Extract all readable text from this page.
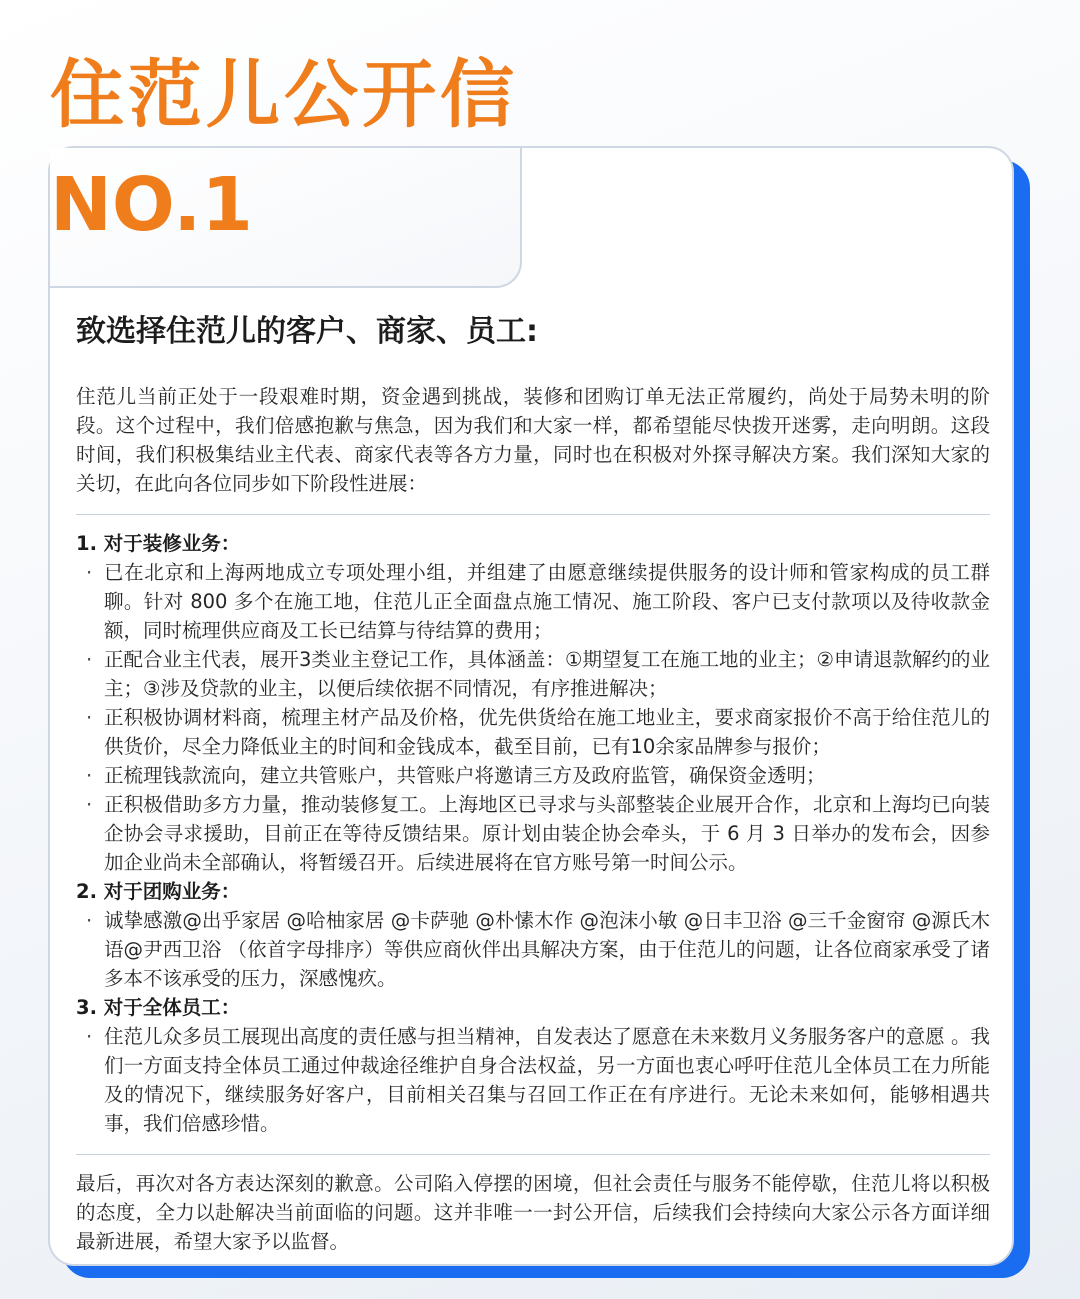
住范儿公开信
NO.1
致选择住范儿的客户、商家、员工:

住范儿当前正处于一段艰难时期，资金遇到挑战，装修和团购订单无法正常履约，尚处于局势未明的阶段。这个过程中，我们倍感抱歉与焦急，因为我们和大家一样，都希望能尽快拨开迷雾，走向明朗。这段时间，我们积极集结业主代表、商家代表等各方力量，同时也在积极对外探寻解决方案。我们深知大家的关切，在此向各位同步如下阶段性进展：

1. 对于装修业务：
· 已在北京和上海两地成立专项处理小组，并组建了由愿意继续提供服务的设计师和管家构成的员工群聊。针对 800 多个在施工地，住范儿正全面盘点施工情况、施工阶段、客户已支付款项以及待收款金额，同时梳理供应商及工长已结算与待结算的费用；
· 正配合业主代表，展开3类业主登记工作，具体涵盖：①期望复工在施工地的业主；②申请退款解约的业主；③涉及贷款的业主，以便后续依据不同情况，有序推进解决；
· 正积极协调材料商，梳理主材产品及价格，优先供货给在施工地业主，要求商家报价不高于给住范儿的供货价，尽全力降低业主的时间和金钱成本，截至目前，已有10余家品牌参与报价；
· 正梳理钱款流向，建立共管账户，共管账户将邀请三方及政府监管，确保资金透明；
· 正积极借助多方力量，推动装修复工。上海地区已寻求与头部整装企业展开合作，北京和上海均已向装企协会寻求援助，目前正在等待反馈结果。原计划由装企协会牵头，于 6 月 3 日举办的发布会，因参加企业尚未全部确认，将暂缓召开。后续进展将在官方账号第一时间公示。
2. 对于团购业务：
· 诚挚感激@出乎家居 @哈柚家居 @卡萨驰 @朴愫木作 @泡沫小敏 @日丰卫浴 @三千金窗帘 @源氏木语@尹西卫浴 （依首字母排序）等供应商伙伴出具解决方案，由于住范儿的问题，让各位商家承受了诸多本不该承受的压力，深感愧疚。
3. 对于全体员工：
· 住范儿众多员工展现出高度的责任感与担当精神，自发表达了愿意在未来数月义务服务客户的意愿 。我们一方面支持全体员工通过仲裁途径维护自身合法权益，另一方面也衷心呼吁住范儿全体员工在力所能及的情况下，继续服务好客户，目前相关召集与召回工作正在有序进行。无论未来如何，能够相遇共事，我们倍感珍惜。

最后，再次对各方表达深刻的歉意。公司陷入停摆的困境，但社会责任与服务不能停歇，住范儿将以积极的态度，全力以赴解决当前面临的问题。这并非唯一一封公开信，后续我们会持续向大家公示各方面详细最新进展，希望大家予以监督。
